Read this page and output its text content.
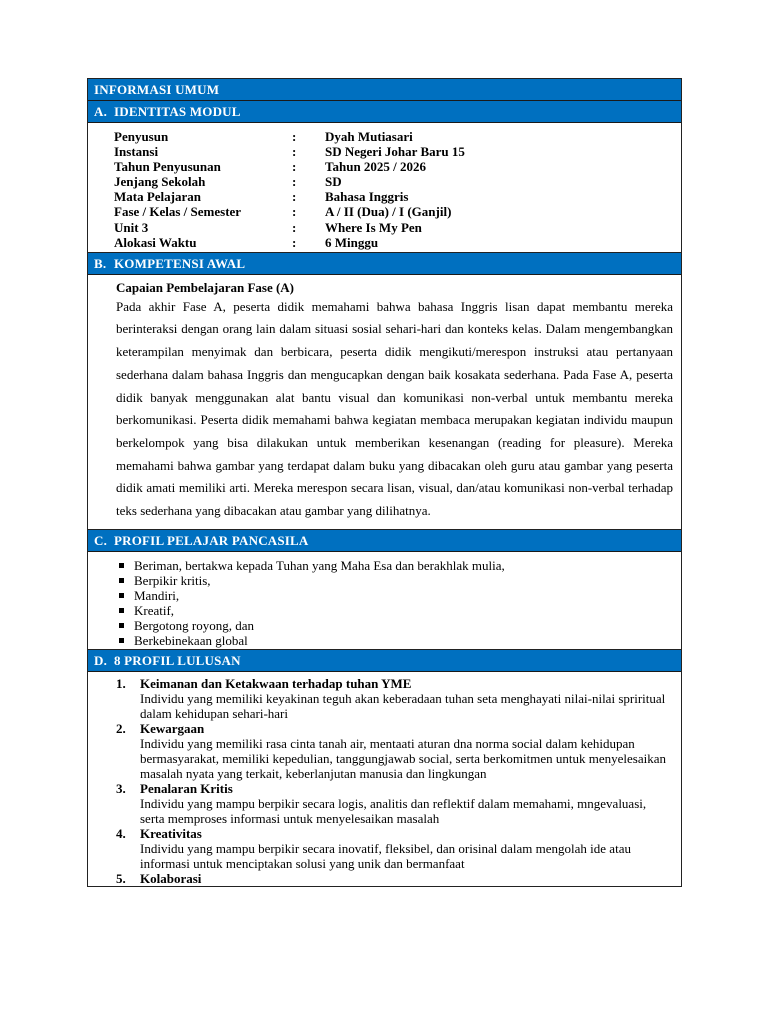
INFORMASI UMUM
A. IDENTITAS MODUL
Penyusun	: Dyah Mutiasari
Instansi	: SD Negeri Johar Baru 15
Tahun Penyusunan	: Tahun 2025 / 2026
Jenjang Sekolah	: SD
Mata Pelajaran	: Bahasa Inggris
Fase / Kelas / Semester	: A / II (Dua) / I (Ganjil)
Unit 3	: Where Is My Pen
Alokasi Waktu	: 6 Minggu
B. KOMPETENSI AWAL
Capaian Pembelajaran Fase (A)

Pada akhir Fase A, peserta didik memahami bahwa bahasa Inggris lisan dapat membantu mereka berinteraksi dengan orang lain dalam situasi sosial sehari-hari dan konteks kelas. Dalam mengembangkan keterampilan menyimak dan berbicara, peserta didik mengikuti/merespon instruksi atau pertanyaan sederhana dalam bahasa Inggris dan mengucapkan dengan baik kosakata sederhana. Pada Fase A, peserta didik banyak menggunakan alat bantu visual dan komunikasi non-verbal untuk membantu mereka berkomunikasi. Peserta didik memahami bahwa kegiatan membaca merupakan kegiatan individu maupun berkelompok yang bisa dilakukan untuk memberikan kesenangan (reading for pleasure). Mereka memahami bahwa gambar yang terdapat dalam buku yang dibacakan oleh guru atau gambar yang peserta didik amati memiliki arti. Mereka merespon secara lisan, visual, dan/atau komunikasi non-verbal terhadap teks sederhana yang dibacakan atau gambar yang dilihatnya.

C. PROFIL PELAJAR PANCASILA
Beriman, bertakwa kepada Tuhan yang Maha Esa dan berakhlak mulia,
Berpikir kritis,
Mandiri,
Kreatif,
Bergotong royong, dan
Berkebinekaan global
D. 8 PROFIL LULUSAN
1. Keimanan dan Ketakwaan terhadap tuhan YME
Individu yang memiliki keyakinan teguh akan keberadaan tuhan seta menghayati nilai-nilai spriritual dalam kehidupan sehari-hari
2. Kewargaan
Individu yang memiliki rasa cinta tanah air, mentaati aturan dna norma social dalam kehidupan bermasyarakat, memiliki kepedulian, tanggungjawab social, serta berkomitmen untuk menyelesaikan masalah nyata yang terkait, keberlanjutan manusia dan lingkungan
3. Penalaran Kritis
Individu yang mampu berpikir secara logis, analitis dan reflektif dalam memahami, mngevaluasi, serta memproses informasi untuk menyelesaikan masalah
4. Kreativitas
Individu yang mampu berpikir secara inovatif, fleksibel, dan orisinal dalam mengolah ide atau informasi untuk menciptakan solusi yang unik dan bermanfaat
5. Kolaborasi
